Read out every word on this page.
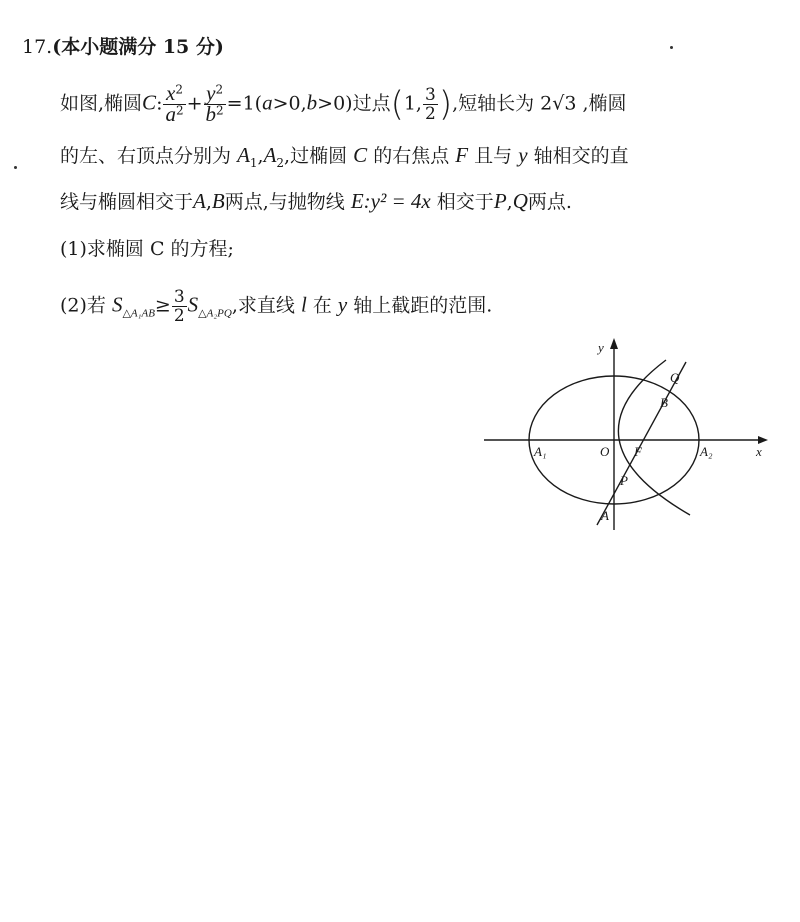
17.(本小题满分 15 分)
如图,椭圆C: $\frac{x^2}{a^2} + \frac{y^2}{b^2} =1(a>0,b>0)$过点(1, $\frac{3}{2}$ ),短轴长为 2√3 ,椭圆
的左、右顶点分别为 $A_1,A_2$,过椭圆 C 的右焦点 F 且与 y 轴相交的直
线与椭圆相交于A,B两点,与抛物线 E:y² = 4x 相交于P,Q两点.
(1)求椭圆 C 的方程;
(2)若 $S_{\triangle A_1AB}\ge \frac{3}{2} S_{\triangle A_2PQ}$,求直线 l 在 y 轴上截距的范围.
y
x
A₁	A₂
O F
P
Q
B
A
